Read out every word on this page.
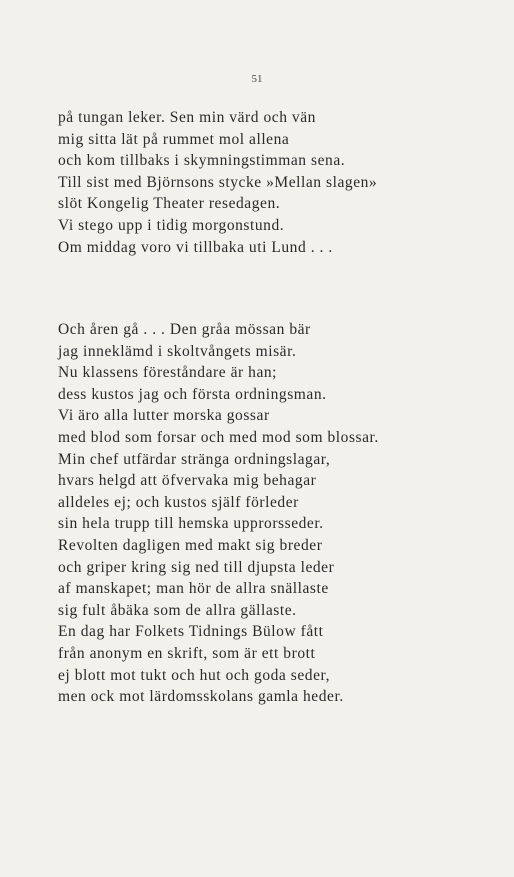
51
på tungan leker. Sen min värd och vän
mig sitta lät på rummet mol allena
och kom tillbaks i skymningstimman sena.
Till sist med Björnsons stycke »Mellan slagen»
slöt Kongelig Theater resedagen.
Vi stego upp i tidig morgonstund.
Om middag voro vi tillbaka uti Lund . . .
Och åren gå . . . Den gråa mössan bär
jag inneklämd i skoltvångets misär.
Nu klassens föreståndare är han;
dess kustos jag och första ordningsman.
Vi äro alla lutter morska gossar
med blod som forsar och med mod som blossar.
Min chef utfärdar stränga ordningslagar,
hvars helgd att öfvervaka mig behagar
alldeles ej; och kustos själf förleder
sin hela trupp till hemska upprorsseder.
Revolten dagligen med makt sig breder
och griper kring sig ned till djupsta leder
af manskapet; man hör de allra snällaste
sig fult åbäka som de allra gällaste.
En dag har Folkets Tidnings Bülow fått
från anonym en skrift, som är ett brott
ej blott mot tukt och hut och goda seder,
men ock mot lärdomsskolans gamla heder.
